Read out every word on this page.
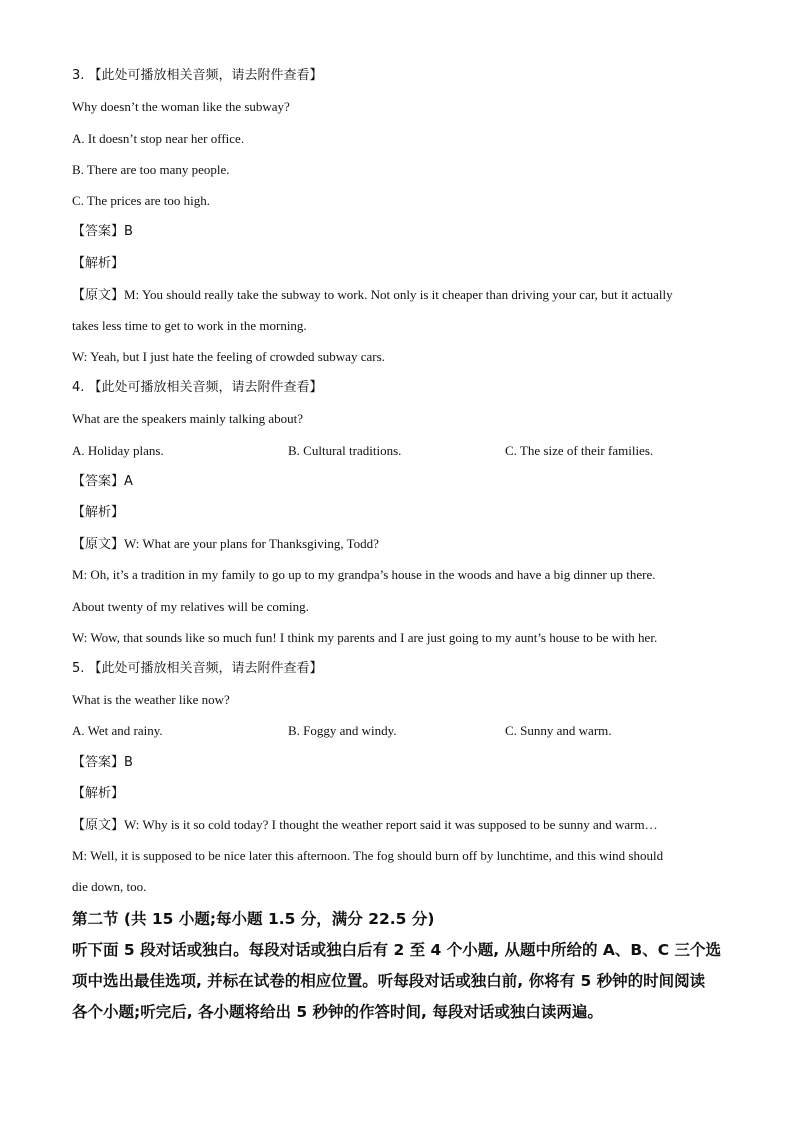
3. 【此处可播放相关音频，请去附件查看】
Why doesn’t the woman like the subway?
A. It doesn’t stop near her office.
B. There are too many people.
C. The prices are too high.
【答案】B
【解析】
【原文】M: You should really take the subway to work. Not only is it cheaper than driving your car, but it actually
takes less time to get to work in the morning.
W: Yeah, but I just hate the feeling of crowded subway cars.
4. 【此处可播放相关音频，请去附件查看】
What are the speakers mainly talking about?
A. Holiday plans.	B. Cultural traditions.	C. The size of their families.
【答案】A
【解析】
【原文】W: What are your plans for Thanksgiving, Todd?
M: Oh, it’s a tradition in my family to go up to my grandpa’s house in the woods and have a big dinner up there.
About twenty of my relatives will be coming.
W: Wow, that sounds like so much fun! I think my parents and I are just going to my aunt’s house to be with her.
5. 【此处可播放相关音频，请去附件查看】
What is the weather like now?
A. Wet and rainy.	B. Foggy and windy.	C. Sunny and warm.
【答案】B
【解析】
【原文】W: Why is it so cold today? I thought the weather report said it was supposed to be sunny and warm…
M: Well, it is supposed to be nice later this afternoon. The fog should burn off by lunchtime, and this wind should
die down, too.
第二节 (共 15 小题;每小题 1.5 分，满分 22.5 分)
听下面 5 段对话或独白。每段对话或独白后有 2 至 4 个小题, 从题中所给的 A、B、C 三个选
项中选出最佳选项, 并标在试卷的相应位置。听每段对话或独白前, 你将有 5 秒钟的时间阅读
各个小题;听完后, 各小题将给出 5 秒钟的作答时间, 每段对话或独白读两遍。
